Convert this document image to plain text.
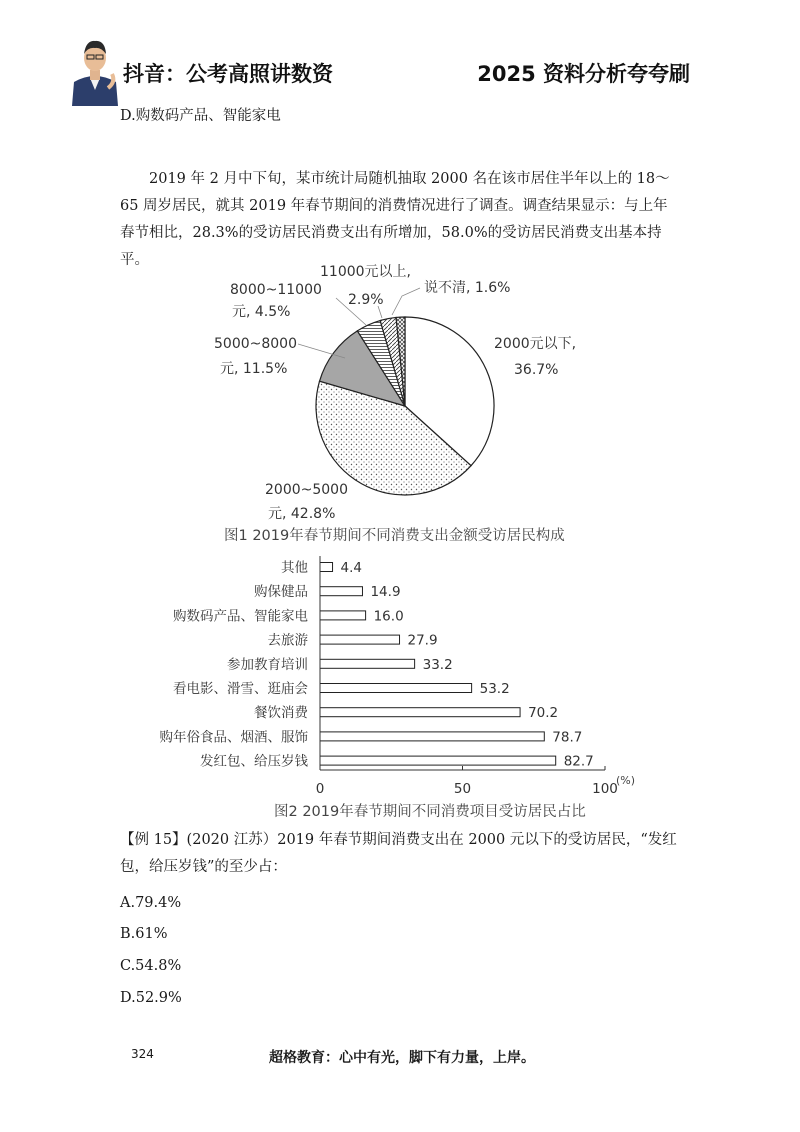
抖音：公考高照讲数资	2025 资料分析夸夸刷
D.购数码产品、智能家电
2019 年 2 月中下旬，某市统计局随机抽取 2000 名在该市居住半年以上的 18～65 周岁居民，就其 2019 年春节期间的消费情况进行了调查。调查结果显示：与上年春节相比，28.3%的受访居民消费支出有所增加，58.0%的受访居民消费支出基本持平。
11000元以上,
2.9%
说不清, 1.6%
8000~11000
元, 4.5%
5000~8000
元, 11.5%
2000元以下,
36.7%
2000~5000
元, 42.8%
图1 2019年春节期间不同消费支出金额受访居民构成
其他 4.4
购保健品	14.9
购数码产品、智能家电	16.0
去旅游	27.9
参加教育培训	33.2
看电影、滑雪、逛庙会	53.2
餐饮消费	70.2
购年俗食品、烟酒、服饰	78.7
发红包、给压岁钱	82.7
0	50	100
(%)
图2 2019年春节期间不同消费项目受访居民占比
【例 15】(2020 江苏）2019 年春节期间消费支出在 2000 元以下的受访居民，“发红包，给压岁钱”的至少占：
A.79.4%
B.61%
C.54.8%
D.52.9%
324	超格教育：心中有光，脚下有力量，上岸。
